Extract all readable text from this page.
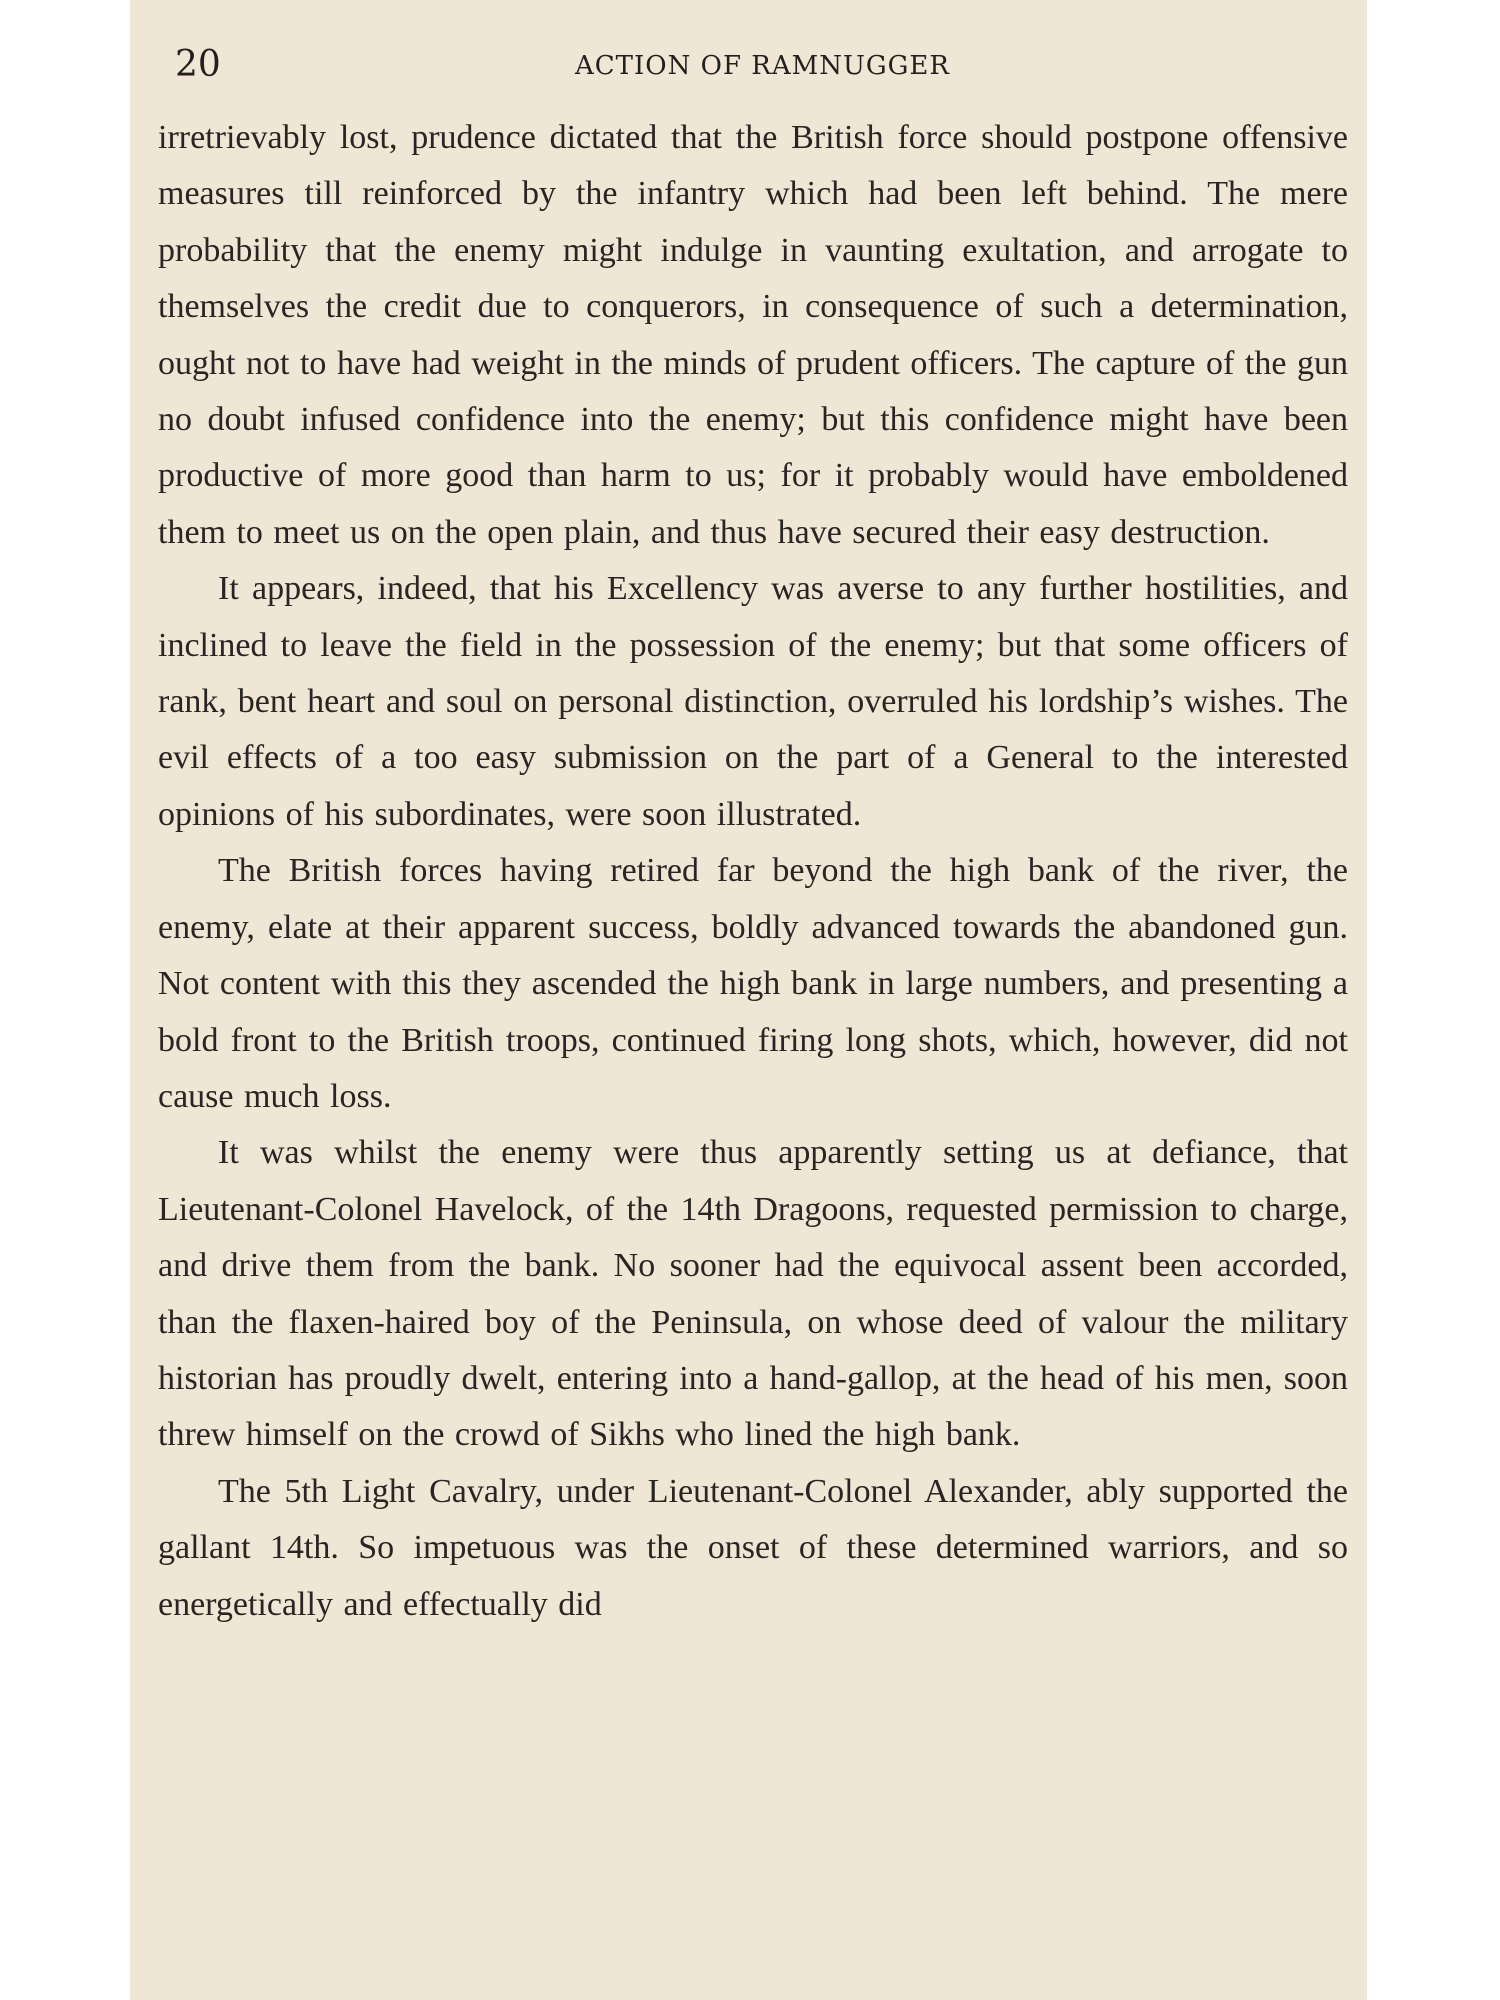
20	ACTION OF RAMNUGGER

irretrievably lost, prudence dictated that the British force should postpone offensive measures till reinforced by the infantry which had been left behind. The mere probability that the enemy might indulge in vaunting exultation, and arrogate to themselves the credit due to conquerors, in consequence of such a determination, ought not to have had weight in the minds of prudent officers. The capture of the gun no doubt infused confidence into the enemy; but this confidence might have been productive of more good than harm to us; for it probably would have emboldened them to meet us on the open plain, and thus have secured their easy destruction.

It appears, indeed, that his Excellency was averse to any further hostilities, and inclined to leave the field in the possession of the enemy; but that some officers of rank, bent heart and soul on personal distinction, overruled his lordship’s wishes. The evil effects of a too easy submission on the part of a General to the interested opinions of his subordinates, were soon illustrated.

The British forces having retired far beyond the high bank of the river, the enemy, elate at their apparent success, boldly advanced towards the abandoned gun. Not content with this they ascended the high bank in large numbers, and presenting a bold front to the British troops, continued firing long shots, which, however, did not cause much loss.

It was whilst the enemy were thus apparently setting us at defiance, that Lieutenant-Colonel Havelock, of the 14th Dragoons, requested permission to charge, and drive them from the bank. No sooner had the equivocal assent been accorded, than the flaxen-haired boy of the Peninsula, on whose deed of valour the military historian has proudly dwelt, entering into a hand-gallop, at the head of his men, soon threw himself on the crowd of Sikhs who lined the high bank.

The 5th Light Cavalry, under Lieutenant-Colonel Alexander, ably supported the gallant 14th. So impetuous was the onset of these determined warriors, and so energetically and effectually did
